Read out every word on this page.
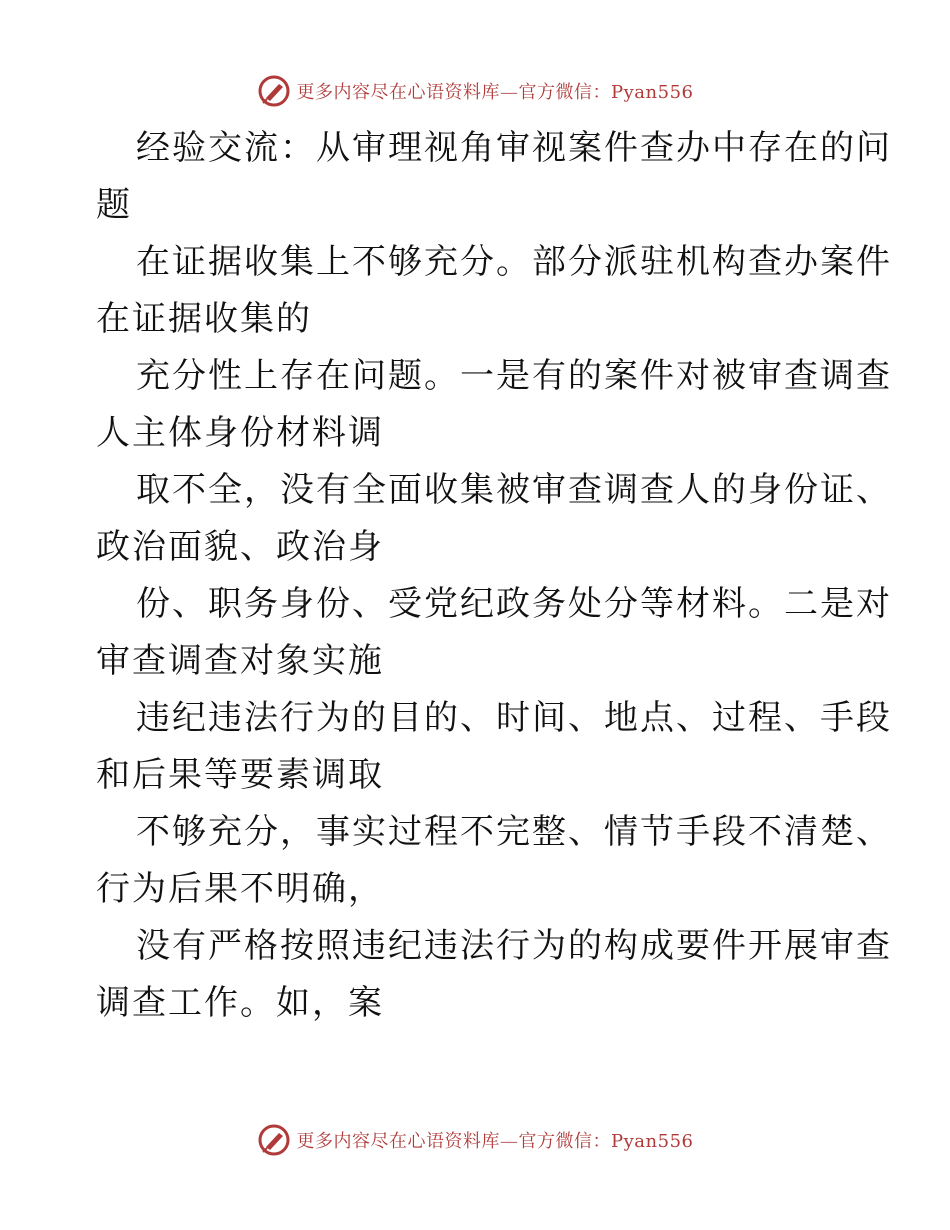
更多内容尽在心语资料库—官方微信：Pyan556

经验交流：从审理视角审视案件查办中存在的问
题

在证据收集上不够充分。部分派驻机构查办案件
在证据收集的

充分性上存在问题。一是有的案件对被审查调查
人主体身份材料调

取不全，没有全面收集被审查调查人的身份证、
政治面貌、政治身

份、职务身份、受党纪政务处分等材料。二是对
审查调查对象实施

违纪违法行为的目的、时间、地点、过程、手段
和后果等要素调取

不够充分，事实过程不完整、情节手段不清楚、
行为后果不明确，

没有严格按照违纪违法行为的构成要件开展审查
调查工作。如，案

更多内容尽在心语资料库—官方微信：Pyan556
